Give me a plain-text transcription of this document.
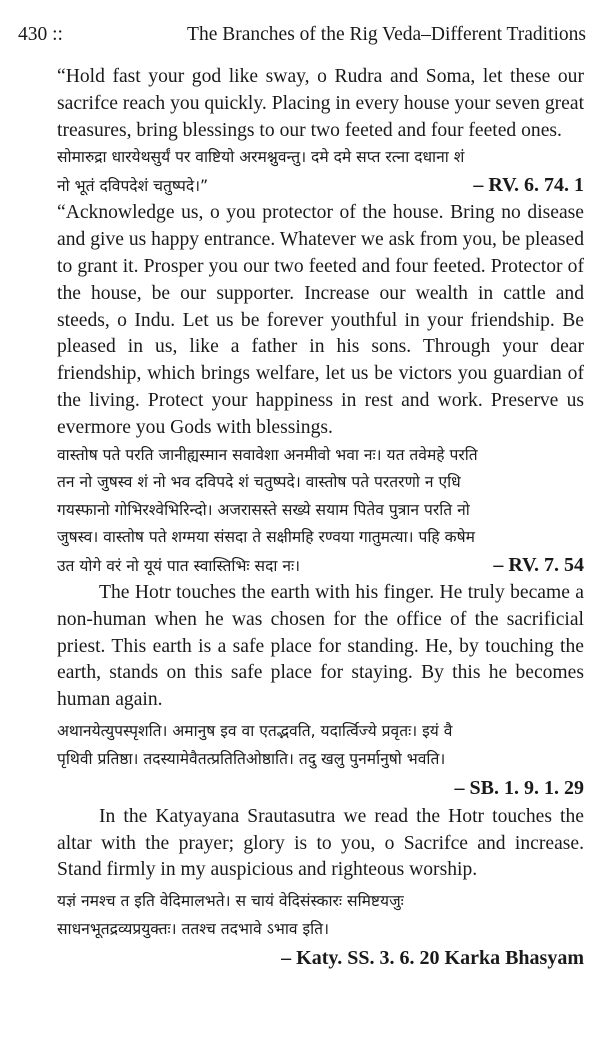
430 ::	The Branches of the Rig Veda–Different Traditions

“Hold fast your god like sway, o Rudra and Soma, let these our sacrifce reach you quickly. Placing in every house your seven great treasures, bring blessings to our two feeted and four feeted ones.

सोमारुद्रा धारयेथसुर्यं पर वाष्टियो अरमश्नुवन्तु। दमे दमे सप्त रत्ना दधाना शं
नो भूतं दविपदेशं चतुष्पदे।”	– RV. 6. 74. 1

“Acknowledge us, o you protector of the house. Bring no disease and give us happy entrance. Whatever we ask from you, be pleased to grant it. Prosper you our two feeted and four feeted. Protector of the house, be our supporter. Increase our wealth in cattle and steeds, o Indu. Let us be forever youthful in your friendship. Be pleased in us, like a father in his sons. Through your dear friendship, which brings welfare, let us be victors you guardian of the living. Protect your happiness in rest and work. Preserve us evermore you Gods with blessings.

वास्तोष पते परति जानीह्यस्मान सवावेशा अनमीवो भवा नः। यत तवेमहे परति
तन नो जुषस्व शं नो भव दविपदे शं चतुष्पदे। वास्तोष पते परतरणो न एधि
गयस्फानो गोभिरश्वेभिरिन्दो। अजरासस्ते सख्ये सयाम पितेव पुत्रान परति नो
जुषस्व। वास्तोष पते शग्मया संसदा ते सक्षीमहि रण्वया गातुमत्या। पहि कषेम
उत योगे वरं नो यूयं पात स्वास्तिभिः सदा नः।	– RV. 7. 54

The Hotr touches the earth with his finger. He truly became a non-human when he was chosen for the office of the sacrificial priest. This earth is a safe place for standing. He, by touching the earth, stands on this safe place for staying. By this he becomes human again.

अथानयेत्युपस्पृशति। अमानुष इव वा एतद्भवति, यदार्त्विज्ये प्रवृतः। इयं वै
पृथिवी प्रतिष्ठा। तदस्यामेवैतत्प्रतितिओष्ठाति। तदु खलु पुनर्मानुषो भवति।
– SB. 1. 9. 1. 29

In the Katyayana Srautasutra we read the Hotr touches the altar with the prayer; glory is to you, o Sacrifce and increase. Stand firmly in my auspicious and righteous worship.

यज्ञं नमश्च त इति वेदिमालभते। स चायं वेदिसंस्कारः समिष्टयजुः
साधनभूतद्रव्यप्रयुक्तः। ततश्च तदभावे ऽभाव इति।
– Katy. SS. 3. 6. 20 Karka Bhasyam
